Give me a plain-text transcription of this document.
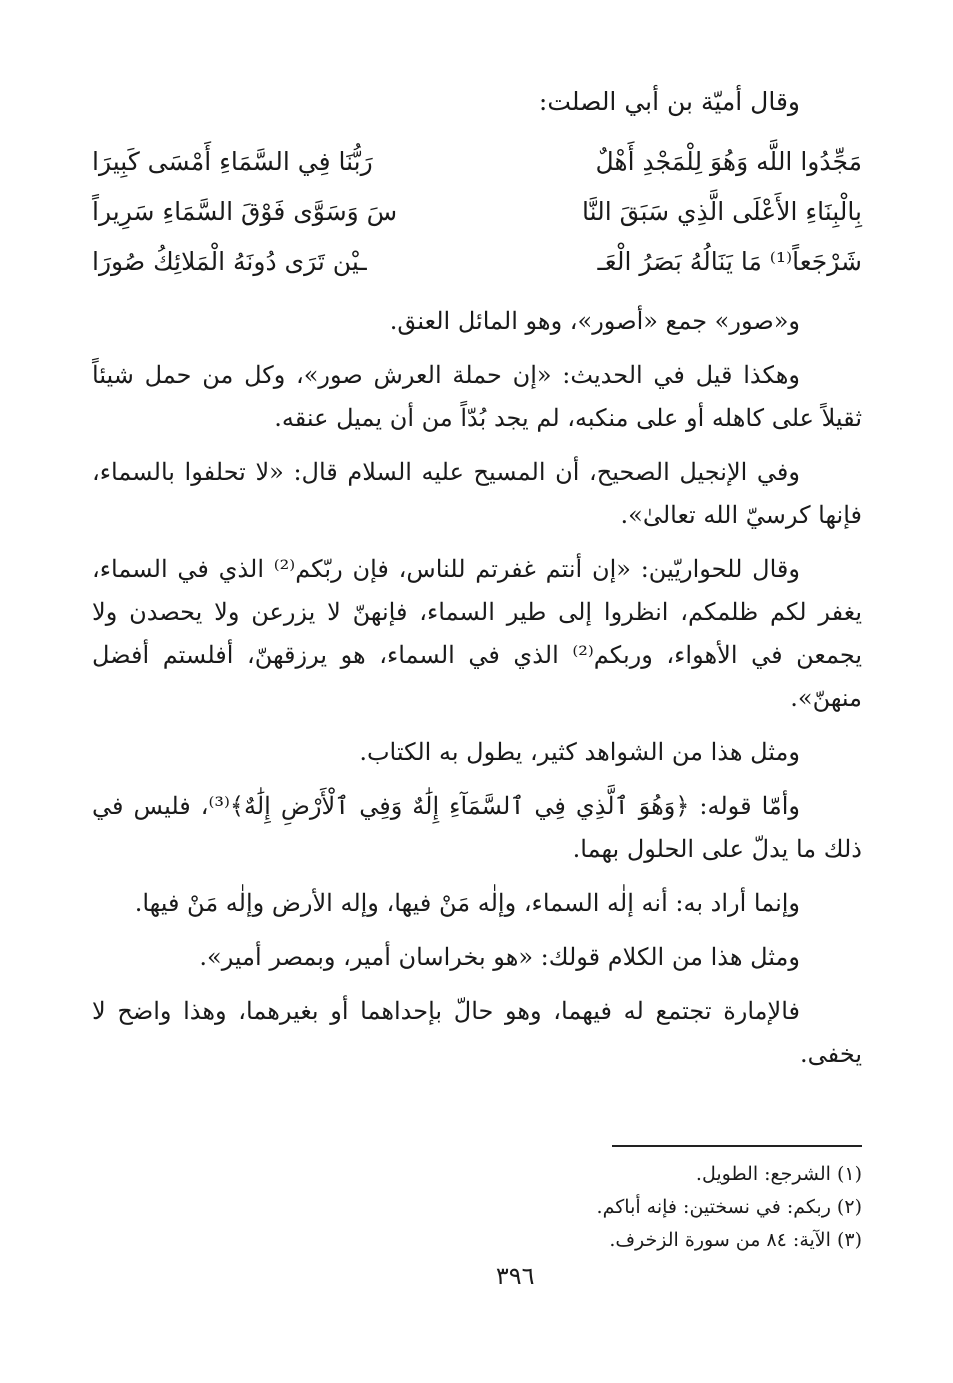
وقال أميّة بن أبي الصلت:
مَجِّدُوا اللَّه وَهُوَ لِلْمَجْدِ أَهْلٌ
رَبُّنَا فِي السَّمَاءِ أَمْسَى كَبِيرَا
بِالْبِنَاءِ الأَعْلَى الَّذِي سَبَقَ النَّا
سَ وَسَوَّى فَوْقَ السَّمَاءِ سَرِيراً
شَرْجَعاً⁽¹⁾ مَا يَنَالُهُ بَصَرُ الْعَـ
ـيْن تَرَى دُونَهُ الْمَلائِكُ صُورَا

و«صور» جمع «أصور»، وهو المائل العنق.

وهكذا قيل في الحديث: «إن حملة العرش صور»، وكل من حمل شيئاً ثقيلاً على كاهله أو على منكبه، لم يجد بُدّاً من أن يميل عنقه.

وفي الإنجيل الصحيح، أن المسيح عليه السلام قال: «لا تحلفوا بالسماء، فإنها كرسيّ الله تعالىٰ».

وقال للحواريّين: «إن أنتم غفرتم للناس، فإن ربّكم⁽²⁾ الذي في السماء، يغفر لكم ظلمكم، انظروا إلى طير السماء، فإنهنّ لا يزرعن ولا يحصدن ولا يجمعن في الأهواء، وربكم⁽²⁾ الذي في السماء، هو يرزقهنّ، أفلستم أفضل منهنّ».

ومثل هذا من الشواهد كثير، يطول به الكتاب.

وأمّا قوله: ﴿وَهُوَ ٱلَّذِي فِي ٱلسَّمَآءِ إِلَٰهٌ وَفِي ٱلْأَرْضِ إِلَٰهٌ﴾⁽³⁾، فليس في ذلك ما يدلّ على الحلول بهما.

وإنما أراد به: أنه إلٰه السماء، وإلٰه مَنْ فيها، وإله الأرض وإلٰه مَنْ فيها.

ومثل هذا من الكلام قولك: «هو بخراسان أمير، وبمصر أمير».

فالإمارة تجتمع له فيهما، وهو حالّ بإحداهما أو بغيرهما، وهذا واضح لا يخفى.

(١) الشرجع: الطويل.
(٢) ربكم: في نسختين: فإنه أباكم.
(٣) الآية: ٨٤ من سورة الزخرف.
٣٩٦
